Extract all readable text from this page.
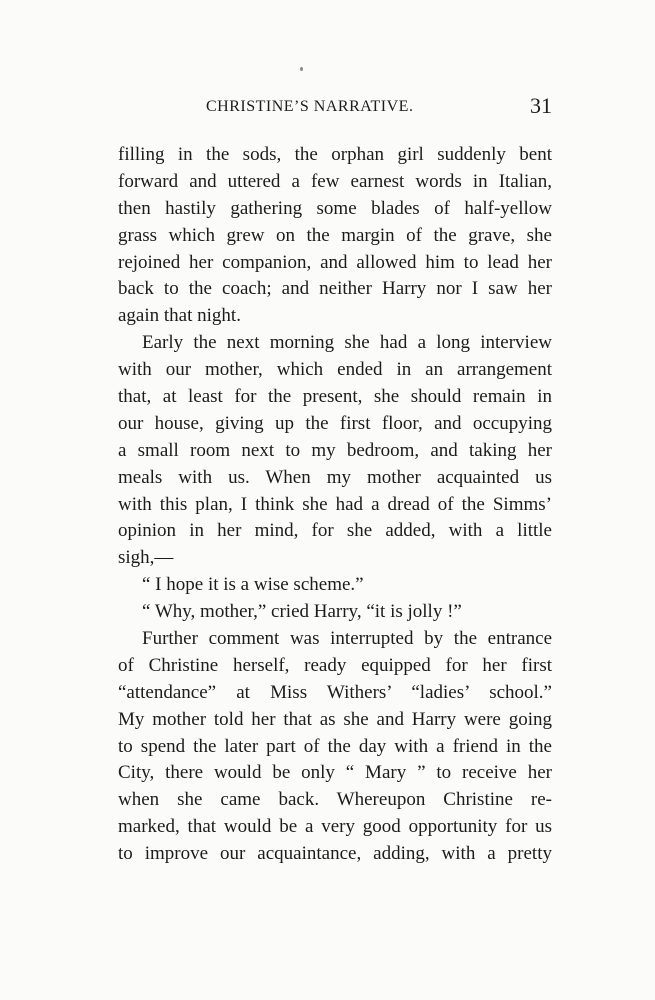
CHRISTINE’S NARRATIVE.	31
filling in the sods, the orphan girl suddenly bent
forward and uttered a few earnest words in Italian,
then hastily gathering some blades of half-yellow
grass which grew on the margin of the grave, she
rejoined her companion, and allowed him to lead her
back to the coach; and neither Harry nor I saw her
again that night.
Early the next morning she had a long interview
with our mother, which ended in an arrangement
that, at least for the present, she should remain in
our house, giving up the first floor, and occupying
a small room next to my bedroom, and taking her
meals with us. When my mother acquainted us
with this plan, I think she had a dread of the Simms’
opinion in her mind, for she added, with a little
sigh,—
“ I hope it is a wise scheme.”
“ Why, mother,” cried Harry, “it is jolly !”
Further comment was interrupted by the entrance
of Christine herself, ready equipped for her first
“attendance” at Miss Withers’ “ladies’ school.”
My mother told her that as she and Harry were going
to spend the later part of the day with a friend in the
City, there would be only “ Mary ” to receive her
when she came back. Whereupon Christine re-
marked, that would be a very good opportunity for us
to improve our acquaintance, adding, with a pretty
